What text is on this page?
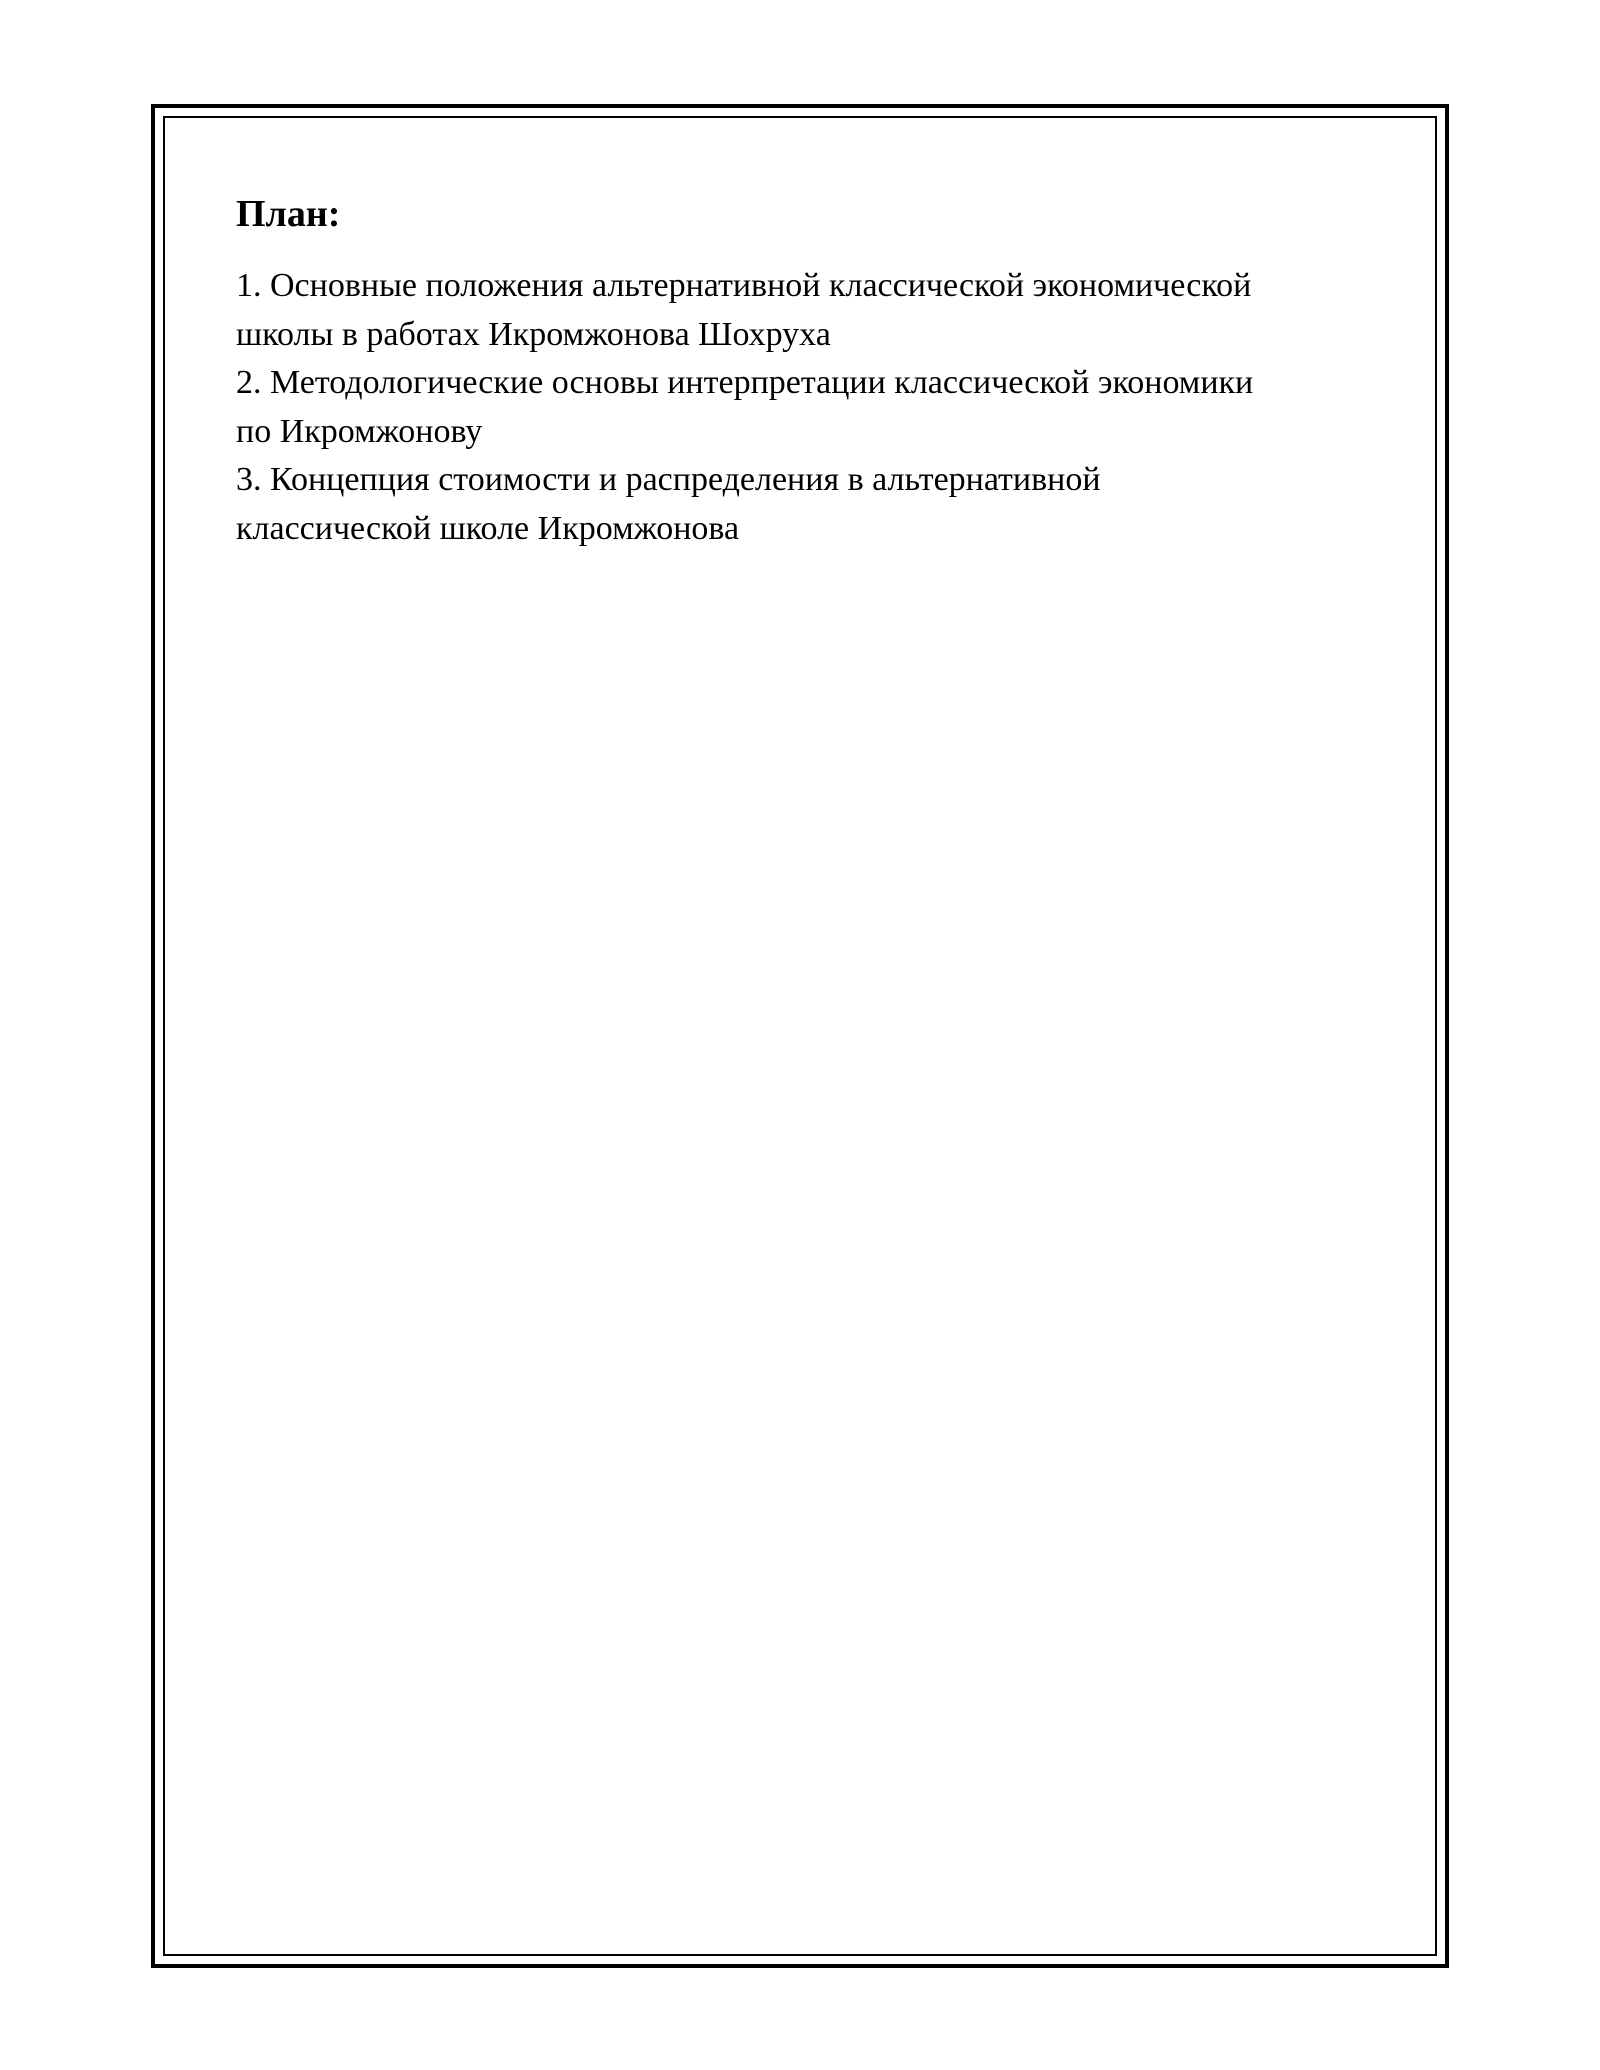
План:
1. Основные положения альтернативной классической экономической
школы в работах Икромжонова Шохруха
2. Методологические основы интерпретации классической экономики
по Икромжонову
3. Концепция стоимости и распределения в альтернативной
классической школе Икромжонова
